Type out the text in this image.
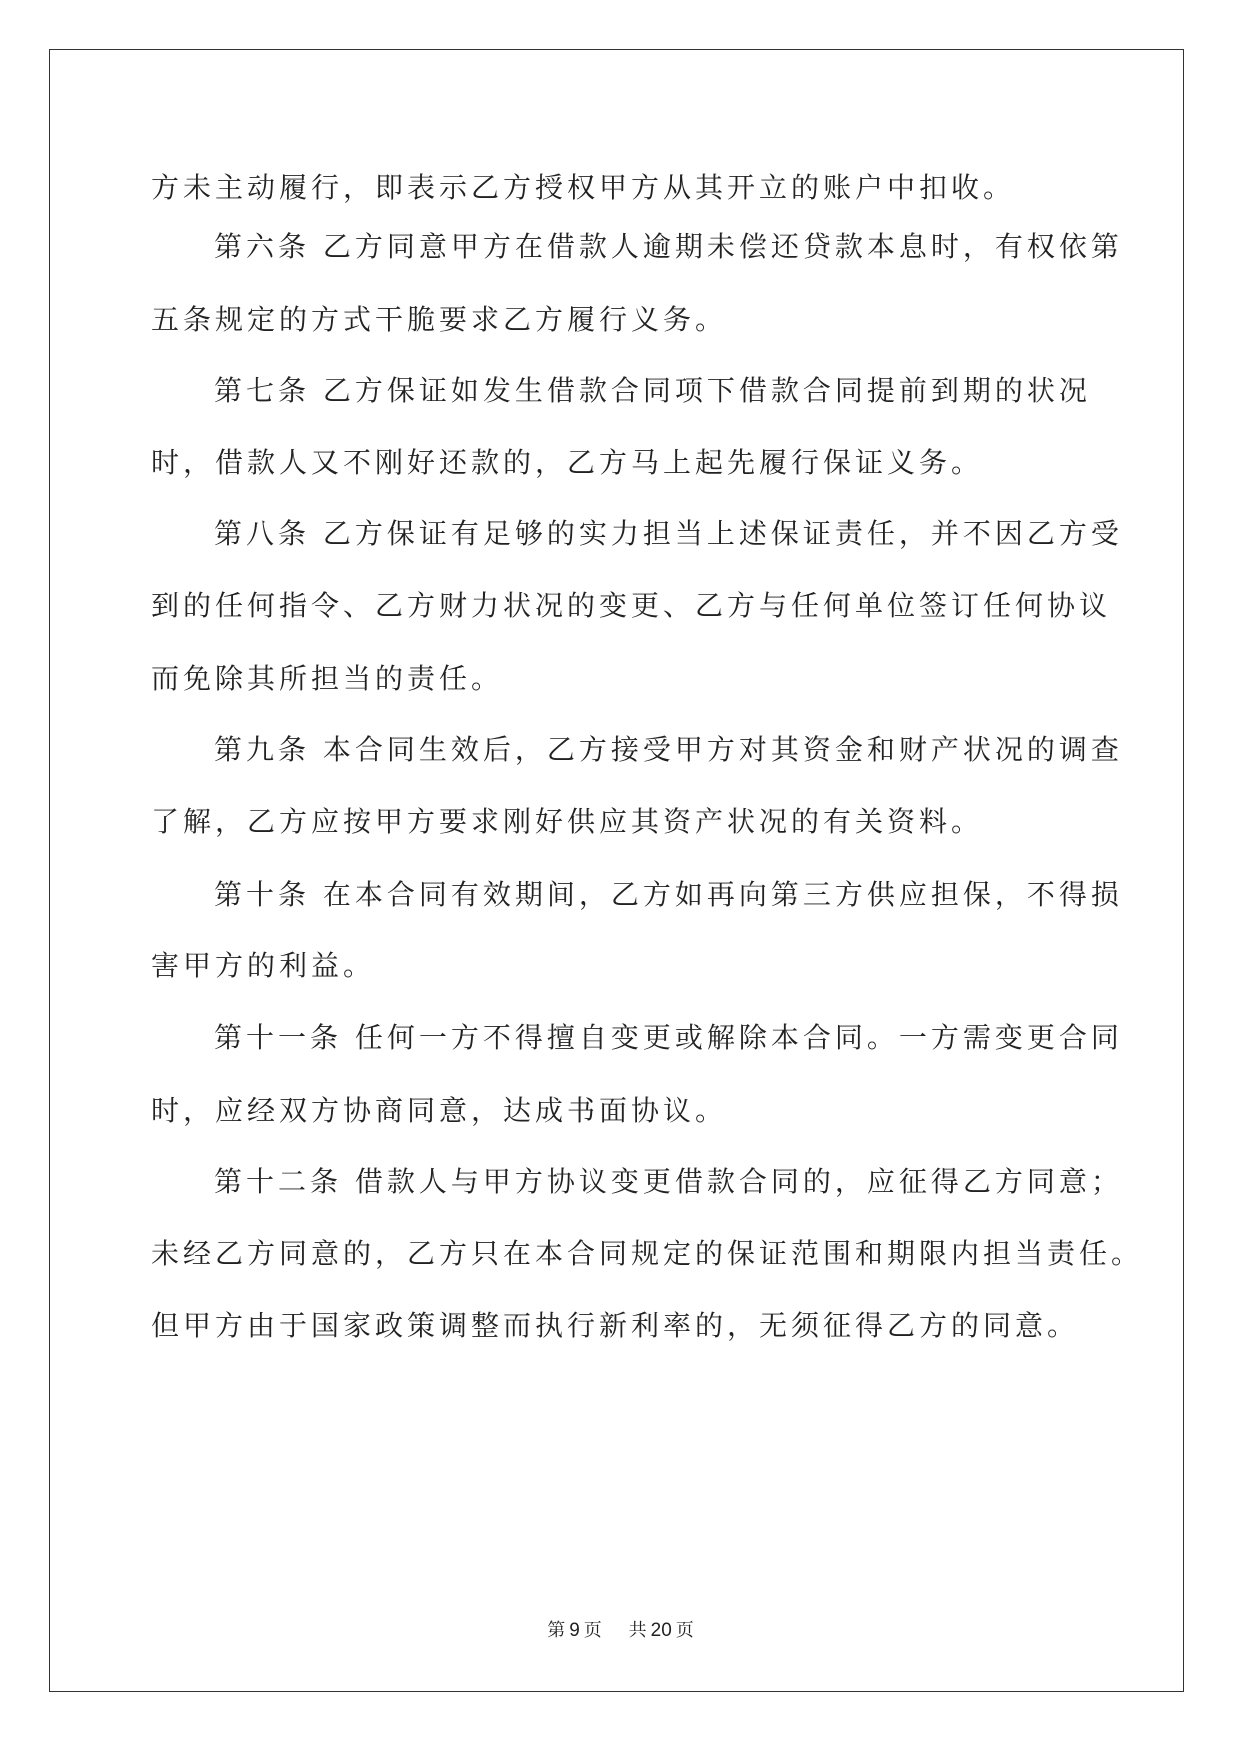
方未主动履行，即表示乙方授权甲方从其开立的账户中扣收。
第六条 乙方同意甲方在借款人逾期未偿还贷款本息时，有权依第
五条规定的方式干脆要求乙方履行义务。
第七条 乙方保证如发生借款合同项下借款合同提前到期的状况
时，借款人又不刚好还款的，乙方马上起先履行保证义务。
第八条 乙方保证有足够的实力担当上述保证责任，并不因乙方受
到的任何指令、乙方财力状况的变更、乙方与任何单位签订任何协议
而免除其所担当的责任。
第九条 本合同生效后，乙方接受甲方对其资金和财产状况的调查
了解，乙方应按甲方要求刚好供应其资产状况的有关资料。
第十条 在本合同有效期间，乙方如再向第三方供应担保，不得损
害甲方的利益。
第十一条 任何一方不得擅自变更或解除本合同。一方需变更合同
时，应经双方协商同意，达成书面协议。
第十二条 借款人与甲方协议变更借款合同的，应征得乙方同意；
未经乙方同意的，乙方只在本合同规定的保证范围和期限内担当责任。
但甲方由于国家政策调整而执行新利率的，无须征得乙方的同意。
第 9 页 共 20 页
